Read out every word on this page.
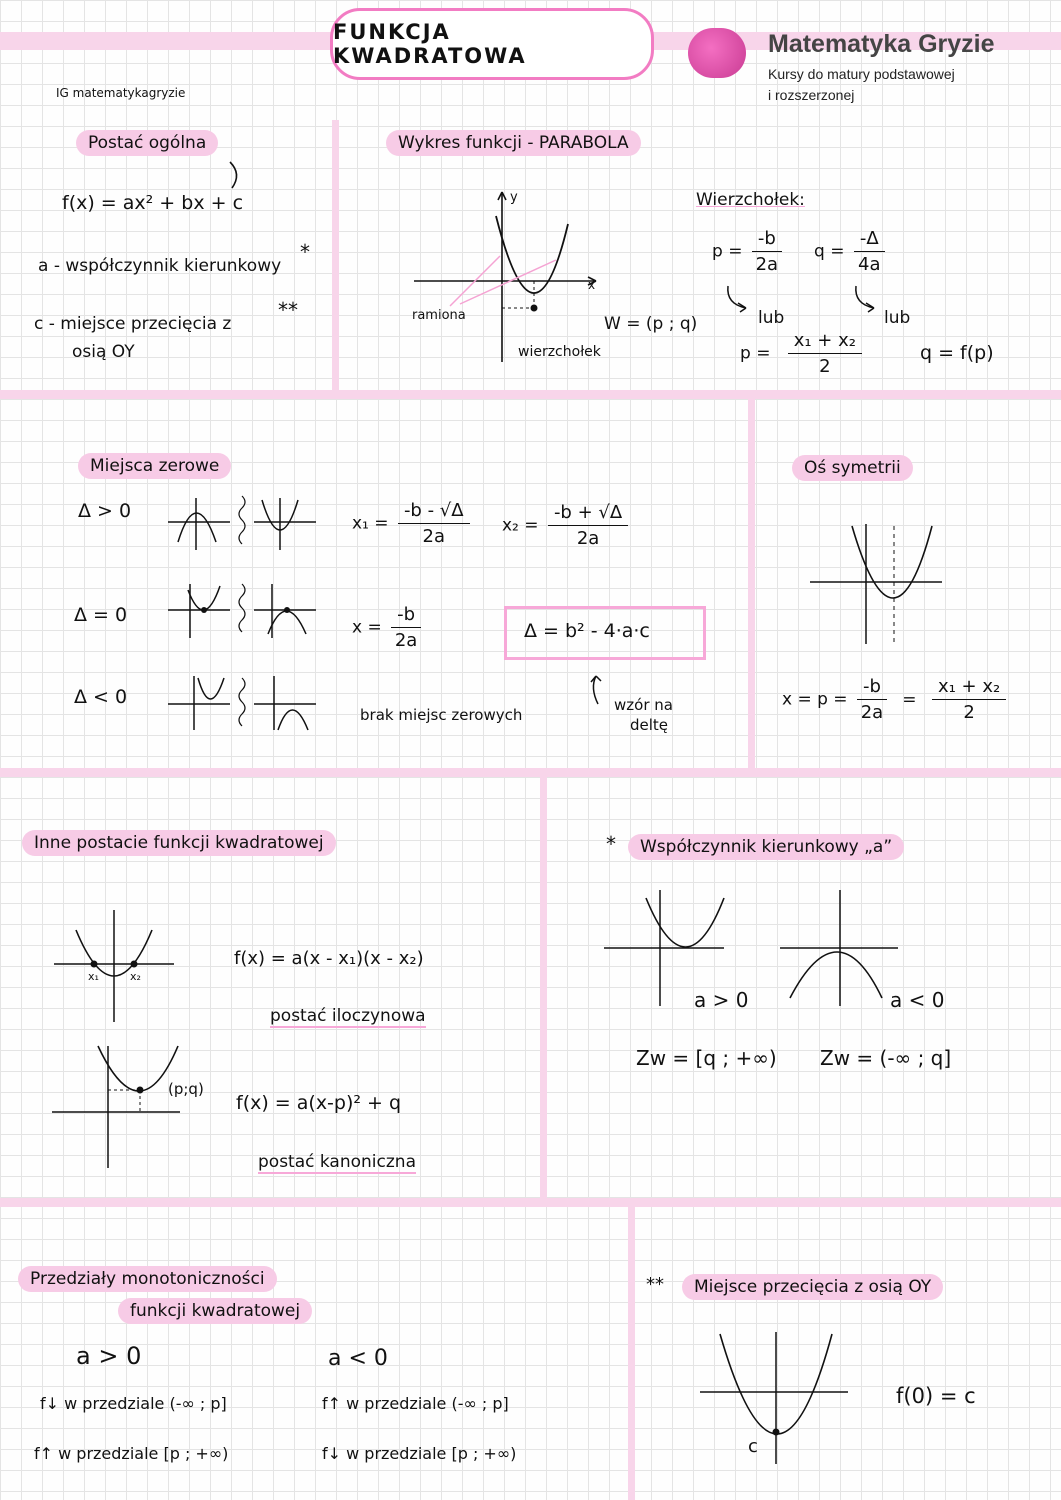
FUNKCJA KWADRATOWA	Matematyka Gryzie
Kursy do matury podstawowej
i rozszerzonej
IG matematykagryzie
Postać ogólna
f(x) = ax² + bx + c
a - współczynnik kierunkowy
*
c - miejsce przecięcia z
**
osią OY
Wykres funkcji - PARABOLA
y
x
ramiona
wierzchołek
W = (p ; q)
Wierzchołek:
$p = \frac{-b}{2a}$ $q = \frac{-\Delta}{4a}$
lub	lub
$p = \frac{\text{x₁ + x₂}}{2}$	q = f(p)
Miejsca zerowe
Δ > 0
Δ = 0
Δ < 0
$x_1 = \frac{-b - √\Delta}{2a} x_2 = \frac{-b + √\Delta}{2a}$
$x = \frac{-b}{2a}$	Δ = b² - 4·a·c
brak miejsc zerowych
wzór na
deltę
Oś symetrii
$x = p = \frac{-b}{2a} = \frac{\text{x₁ + x₂}}{2}$
Inne postacie funkcji kwadratowej
x₁	x₂
f(x) = a(x - x₁)(x - x₂)
postać iloczynowa
(p;q)
f(x) = a(x-p)² + q
postać kanoniczna
*	Współczynnik kierunkowy „a”
a > 0	a < 0
Zw = [q ; +∞) Zw = (-∞ ; q]
Przedziały monotoniczności
funkcji kwadratowej
a > 0	a < 0
f↓ w przedziale (-∞ ; p]
f↑ w przedziale [p ; +∞)
f↑ w przedziale (-∞ ; p]
f↓ w przedziale [p ; +∞)
**	Miejsce przecięcia z osią OY
c
f(0) = c
